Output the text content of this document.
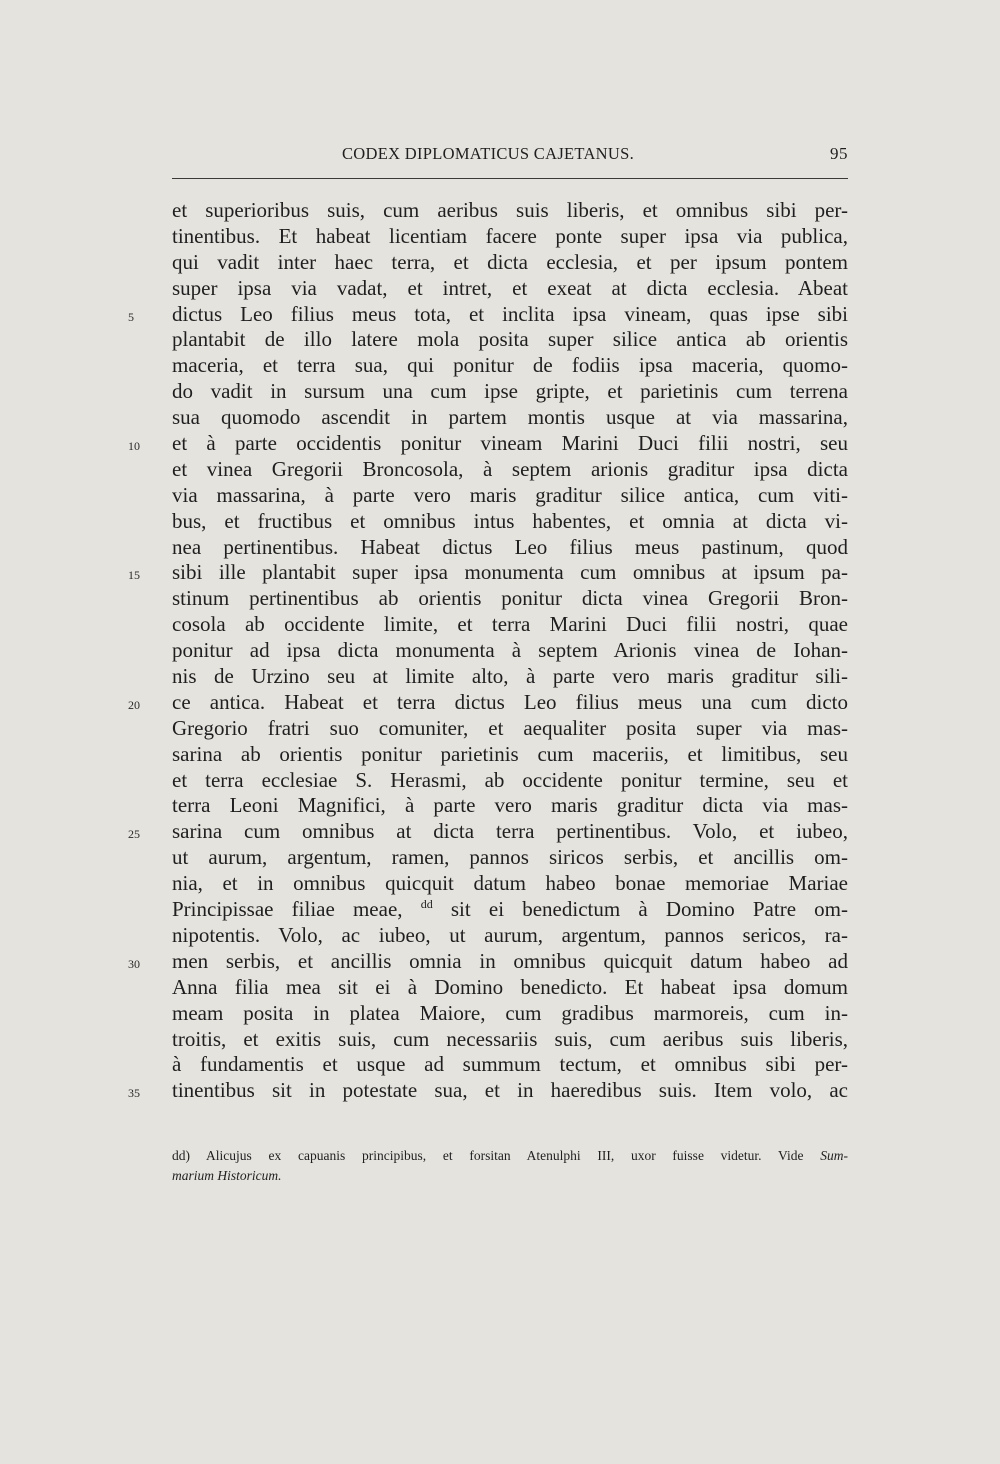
CODEX DIPLOMATICUS CAJETANUS.	95
et superioribus suis, cum aeribus suis liberis, et omnibus sibi per-
tinentibus. Et habeat licentiam facere ponte super ipsa via publica,
qui vadit inter haec terra, et dicta ecclesia, et per ipsum pontem
super ipsa via vadat, et intret, et exeat at dicta ecclesia. Abeat
5	dictus Leo filius meus tota, et inclita ipsa vineam, quas ipse sibi
plantabit de illo latere mola posita super silice antica ab orientis
maceria, et terra sua, qui ponitur de fodiis ipsa maceria, quomo-
do vadit in sursum una cum ipse gripte, et parietinis cum terrena
sua quomodo ascendit in partem montis usque at via massarina,
10	et à parte occidentis ponitur vineam Marini Duci filii nostri, seu
et vinea Gregorii Broncosola, à septem arionis graditur ipsa dicta
via massarina, à parte vero maris graditur silice antica, cum viti-
bus, et fructibus et omnibus intus habentes, et omnia at dicta vi-
nea pertinentibus. Habeat dictus Leo filius meus pastinum, quod
15	sibi ille plantabit super ipsa monumenta cum omnibus at ipsum pa-
stinum pertinentibus ab orientis ponitur dicta vinea Gregorii Bron-
cosola ab occidente limite, et terra Marini Duci filii nostri, quae
ponitur ad ipsa dicta monumenta à septem Arionis vinea de Iohan-
nis de Urzino seu at limite alto, à parte vero maris graditur sili-
20	ce antica. Habeat et terra dictus Leo filius meus una cum dicto
Gregorio fratri suo comuniter, et aequaliter posita super via mas-
sarina ab orientis ponitur parietinis cum maceriis, et limitibus, seu
et terra ecclesiae S. Herasmi, ab occidente ponitur termine, seu et
terra Leoni Magnifici, à parte vero maris graditur dicta via mas-
25	sarina cum omnibus at dicta terra pertinentibus. Volo, et iubeo,
ut aurum, argentum, ramen, pannos siricos serbis, et ancillis om-
nia, et in omnibus quicquit datum habeo bonae memoriae Mariae
Principissae filiae meae, $^{dd}$ sit ei benedictum à Domino Patre om-
nipotentis. Volo, ac iubeo, ut aurum, argentum, pannos sericos, ra-
30	men serbis, et ancillis omnia in omnibus quicquit datum habeo ad
Anna filia mea sit ei à Domino benedicto. Et habeat ipsa domum
meam posita in platea Maiore, cum gradibus marmoreis, cum in-
troitis, et exitis suis, cum necessariis suis, cum aeribus suis liberis,
à fundamentis et usque ad summum tectum, et omnibus sibi per-
35	tinentibus sit in potestate sua, et in haeredibus suis. Item volo, ac
dd) Alicujus ex capuanis principibus, et forsitan Atenulphi III, uxor fuisse videtur. Vide Sum-
marium Historicum.
